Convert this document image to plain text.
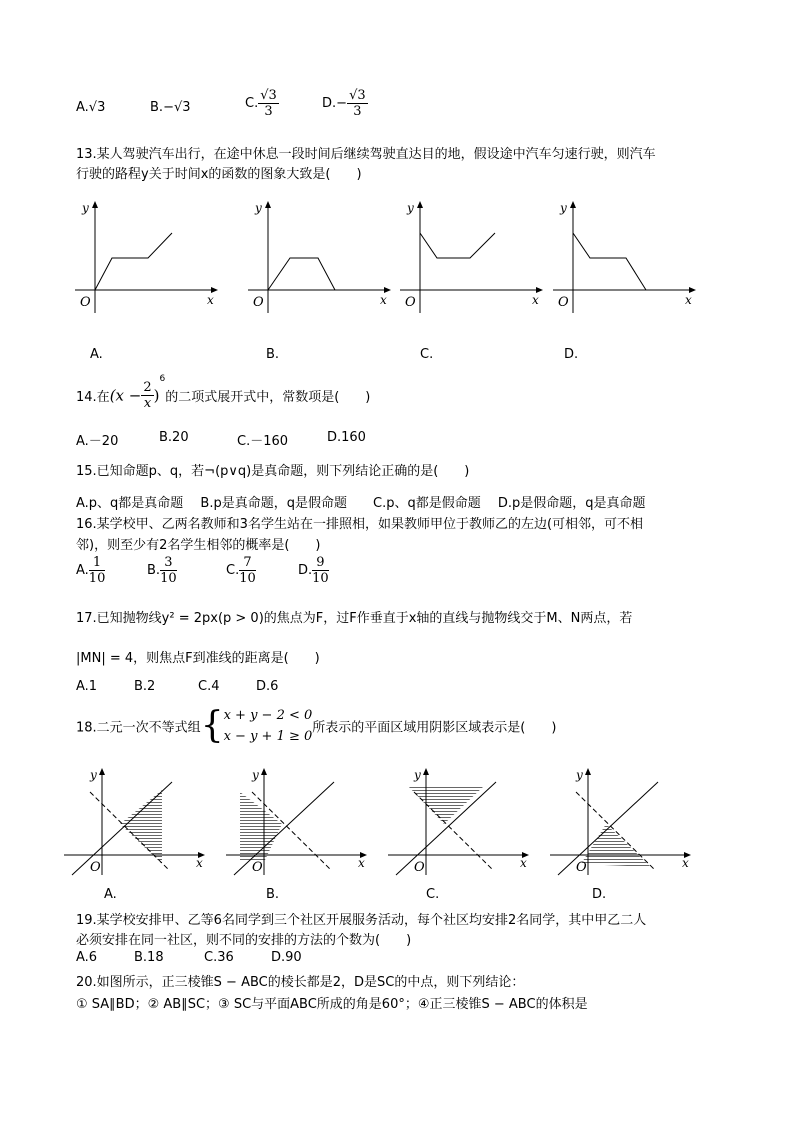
A.√3	B.−√3	C. $\frac{√3}{3}$	$D.- \frac{√3}{3}$
13.某人驾驶汽车出行，在途中休息一段时间后继续驾驶直达目的地，假设途中汽车匀速行驶，则汽车
行驶的路程y关于时间x的函数的图象大致是(　　)
y
x
O
y
x
O
y
x
O
y
x
O
A.	B.	C.	D.
14.在$(x - \frac{2}{x} )^6$的二项式展开式中，常数项是(　　)
A.－20	B.20	C.－160	D.160
15.已知命题p、q，若¬(p∨q)是真命题，则下列结论正确的是(　　)
A.p、q都是真命题　 B.p是真命题，q是假命题　　C.p、q都是假命题　 D.p是假命题，q是真命题
16.某学校甲、乙两名教师和3名学生站在一排照相，如果教师甲位于教师乙的左边(可相邻，可不相
邻)，则至少有2名学生相邻的概率是(　　)
A. $\frac{1}{10}$	B. $\frac{3}{10}$	C. $\frac{7}{10}$	D. $\frac{9}{10}$
17.已知抛物线y² = 2px(p > 0)的焦点为F，过F作垂直于x轴的直线与抛物线交于M、N两点，若
|MN| = 4，则焦点F到准线的距离是(　　)
A.1	B.2	C.4	D.6
18.二元一次不等式组{ x + y − 2 < 0
x − y + 1 ≥ 0
所表示的平面区域用阴影区域表示是(　　)
y
x
O
y
x
O
y
x
O
y
x
O
A.	B.	C.	D.
19.某学校安排甲、乙等6名同学到三个社区开展服务活动，每个社区均安排2名同学，其中甲乙二人
必须安排在同一社区，则不同的安排的方法的个数为(　　)
A.6	B.18	C.36	D.90
20.如图所示，正三棱锥S − ABC的棱长都是2，D是SC的中点，则下列结论：
① SA∥BD；② AB∥SC；③ SC与平面ABC所成的角是60°；④正三棱锥S − ABC的体积是
